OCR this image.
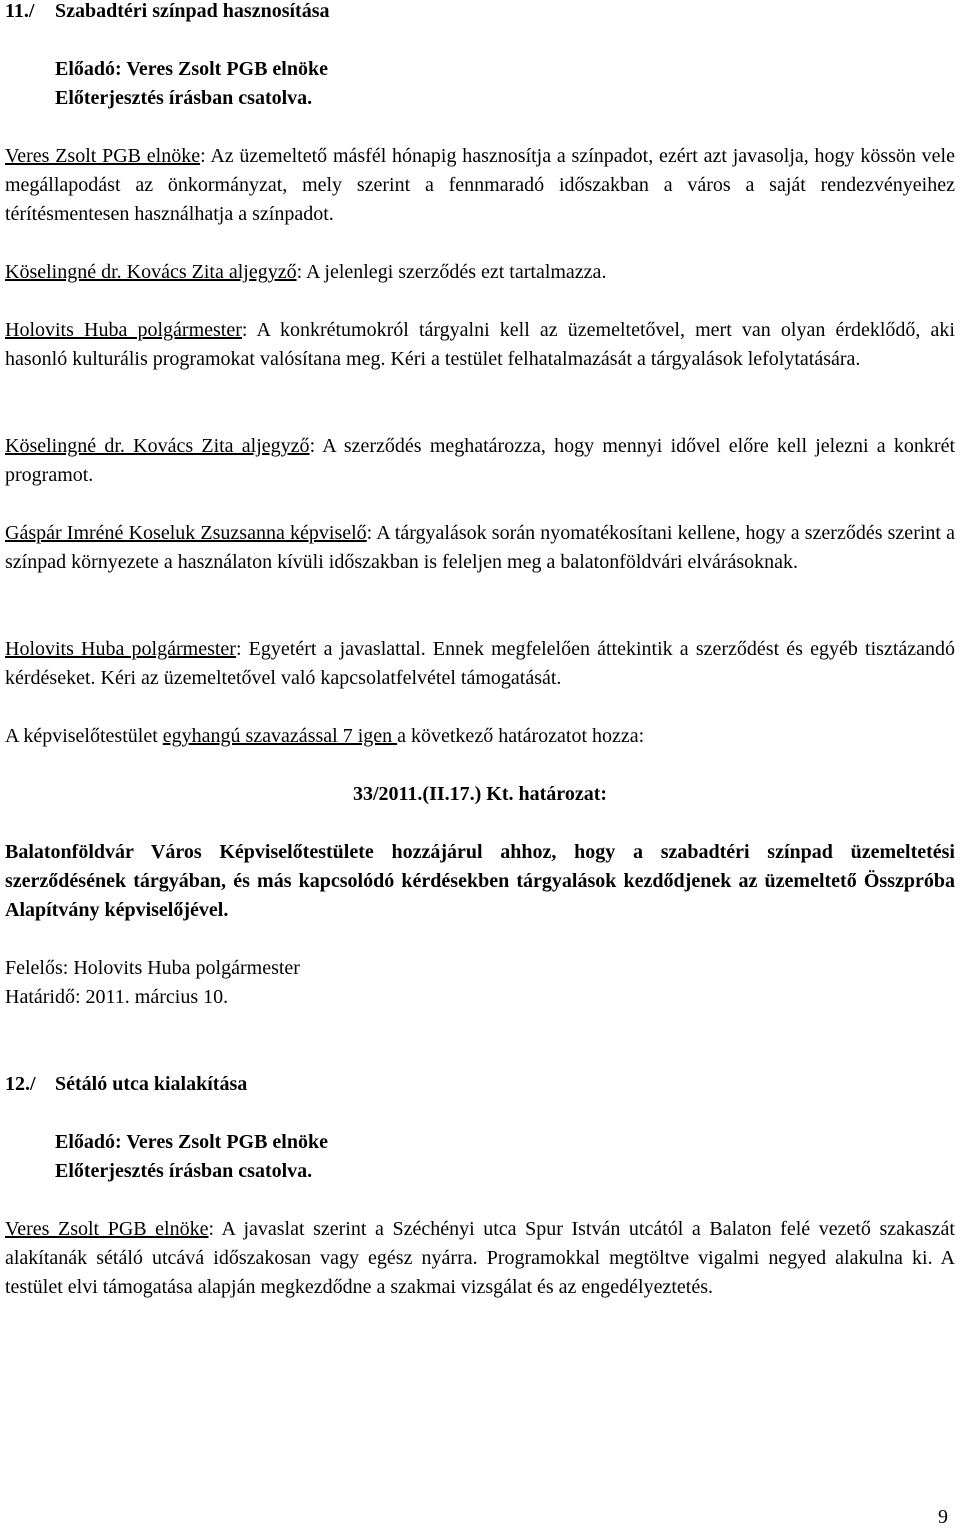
11./ Szabadtéri színpad hasznosítása
Előadó: Veres Zsolt PGB elnöke
Előterjesztés írásban csatolva.
Veres Zsolt PGB elnöke: Az üzemeltető másfél hónapig hasznosítja a színpadot, ezért azt javasolja, hogy kössön vele megállapodást az önkormányzat, mely szerint a fennmaradó időszakban a város a saját rendezvényeihez térítésmentesen használhatja a színpadot.
Köselingné dr. Kovács Zita aljegyző: A jelenlegi szerződés ezt tartalmazza.
Holovits Huba polgármester: A konkrétumokról tárgyalni kell az üzemeltetővel, mert van olyan érdeklődő, aki hasonló kulturális programokat valósítana meg. Kéri a testület felhatalmazását a tárgyalások lefolytatására.
Köselingné dr. Kovács Zita aljegyző: A szerződés meghatározza, hogy mennyi idővel előre kell jelezni a konkrét programot.
Gáspár Imréné Koseluk Zsuzsanna képviselő: A tárgyalások során nyomatékosítani kellene, hogy a szerződés szerint a színpad környezete a használaton kívüli időszakban is feleljen meg a balatonföldvári elvárásoknak.
Holovits Huba polgármester: Egyetért a javaslattal. Ennek megfelelően áttekintik a szerződést és egyéb tisztázandó kérdéseket. Kéri az üzemeltetővel való kapcsolatfelvétel támogatását.
A képviselőtestület egyhangú szavazással 7 igen a következő határozatot hozza:
33/2011.(II.17.) Kt. határozat:
Balatonföldvár Város Képviselőtestülete hozzájárul ahhoz, hogy a szabadtéri színpad üzemeltetési szerződésének tárgyában, és más kapcsolódó kérdésekben tárgyalások kezdődjenek az üzemeltető Összpróba Alapítvány képviselőjével.
Felelős: Holovits Huba polgármester
Határidő: 2011. március 10.
12./ Sétáló utca kialakítása
Előadó: Veres Zsolt PGB elnöke
Előterjesztés írásban csatolva.
Veres Zsolt PGB elnöke: A javaslat szerint a Széchényi utca Spur István utcától a Balaton felé vezető szakaszát alakítanák sétáló utcává időszakosan vagy egész nyárra. Programokkal megtöltve vigalmi negyed alakulna ki. A testület elvi támogatása alapján megkezdődne a szakmai vizsgálat és az engedélyeztetés.
9
